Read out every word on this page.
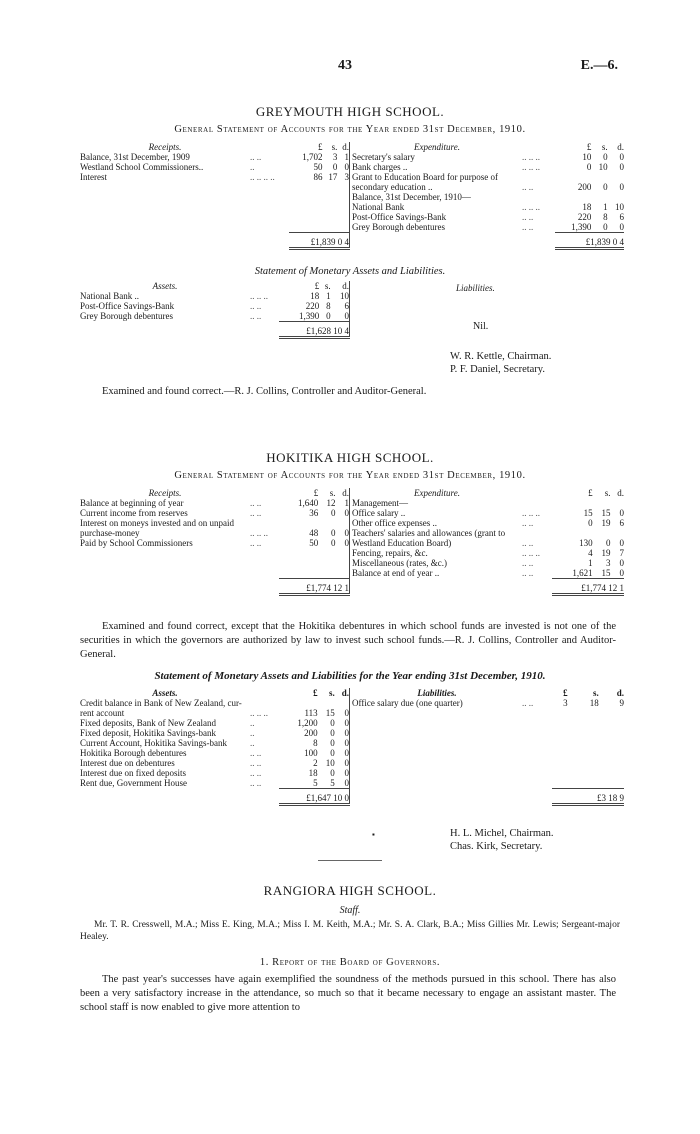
43	E.—6.
GREYMOUTH HIGH SCHOOL.
General Statement of Accounts for the Year ended 31st December, 1910.
Receipts.		£	s.	d.
Balance, 31st December, 1909	.. ..	1,702	3	1
Westland School Commissioners..	..	50	0	0
Interest	.. .. .. ..	86	17	3

		£1,839 0 4		
Expenditure.		£	s.	d.
Secretary's salary	.. .. ..	10	0	0
Bank charges ..	.. .. ..	0	10	0
Grant to Education Board for purpose of				
secondary education ..	.. ..	200	0	0
Balance, 31st December, 1910—				
National Bank	.. .. ..	18	1	10
Post-Office Savings-Bank	.. ..	220	8	6
Grey Borough debentures	.. ..	1,390	0	0
		£1,839 0 4		
Statement of Monetary Assets and Liabilities.
Assets.		£	s.	d.
National Bank ..	.. .. ..	18	1	10
Post-Office Savings-Bank	.. ..	220	8	6
Grey Borough debentures	.. ..	1,390	0	0
		£1,628 10 4		
Liabilities.
Nil.
W. R. Kettle, Chairman.
P. F. Daniel, Secretary.
Examined and found correct.—R. J. Collins, Controller and Auditor-General.
HOKITIKA HIGH SCHOOL.
General Statement of Accounts for the Year ended 31st December, 1910.
Receipts.		£	s.	d.
Balance at beginning of year	.. ..	1,640	12	1
Current income from reserves	.. ..	36	0	0
Interest on moneys invested and on unpaid				
purchase-money	.. .. ..	48	0	0
Paid by School Commissioners	.. ..	50	0	0

		£1,774 12 1		
Expenditure.		£	s.	d.
Management—				
Office salary ..	.. .. ..	15	15	0
Other office expenses ..	.. ..	0	19	6
Teachers' salaries and allowances (grant to				
Westland Education Board)	.. ..	130	0	0
Fencing, repairs, &c.	.. .. ..	4	19	7
Miscellaneous (rates, &c.)	.. ..	1	3	0
Balance at end of year ..	.. ..	1,621	15	0
		£1,774 12 1		
Examined and found correct, except that the Hokitika debentures in which school funds are invested is not one of the securities in which the governors are authorized by law to invest such school funds.—R. J. Collins, Controller and Auditor-General.
Statement of Monetary Assets and Liabilities for the Year ending 31st December, 1910.
Assets.		£	s.	d.
Credit balance in Bank of New Zealand, cur-				
rent account	.. .. ..	113	15	0
Fixed deposits, Bank of New Zealand	..	1,200	0	0
Fixed deposit, Hokitika Savings-bank	..	200	0	0
Current Account, Hokitika Savings-bank	..	8	0	0
Hokitika Borough debentures	.. ..	100	0	0
Interest due on debentures	.. ..	2	10	0
Interest due on fixed deposits	.. ..	18	0	0
Rent due, Government House	.. ..	5	5	0
		£1,647 10 0		
Liabilities.		£	s.	d.
Office salary due (one quarter)	.. ..	3	18	9

		£3 18 9		
▪	H. L. Michel, Chairman.
Chas. Kirk, Secretary.
RANGIORA HIGH SCHOOL.
Staff.
Mr. T. R. Cresswell, M.A.; Miss E. King, M.A.; Miss I. M. Keith, M.A.; Mr. S. A. Clark, B.A.; Miss Gillies Mr. Lewis; Sergeant-major Healey.
1. Report of the Board of Governors.
The past year's successes have again exemplified the soundness of the methods pursued in this school. There has also been a very satisfactory increase in the attendance, so much so that it became necessary to engage an assistant master. The school staff is now enabled to give more attention to
